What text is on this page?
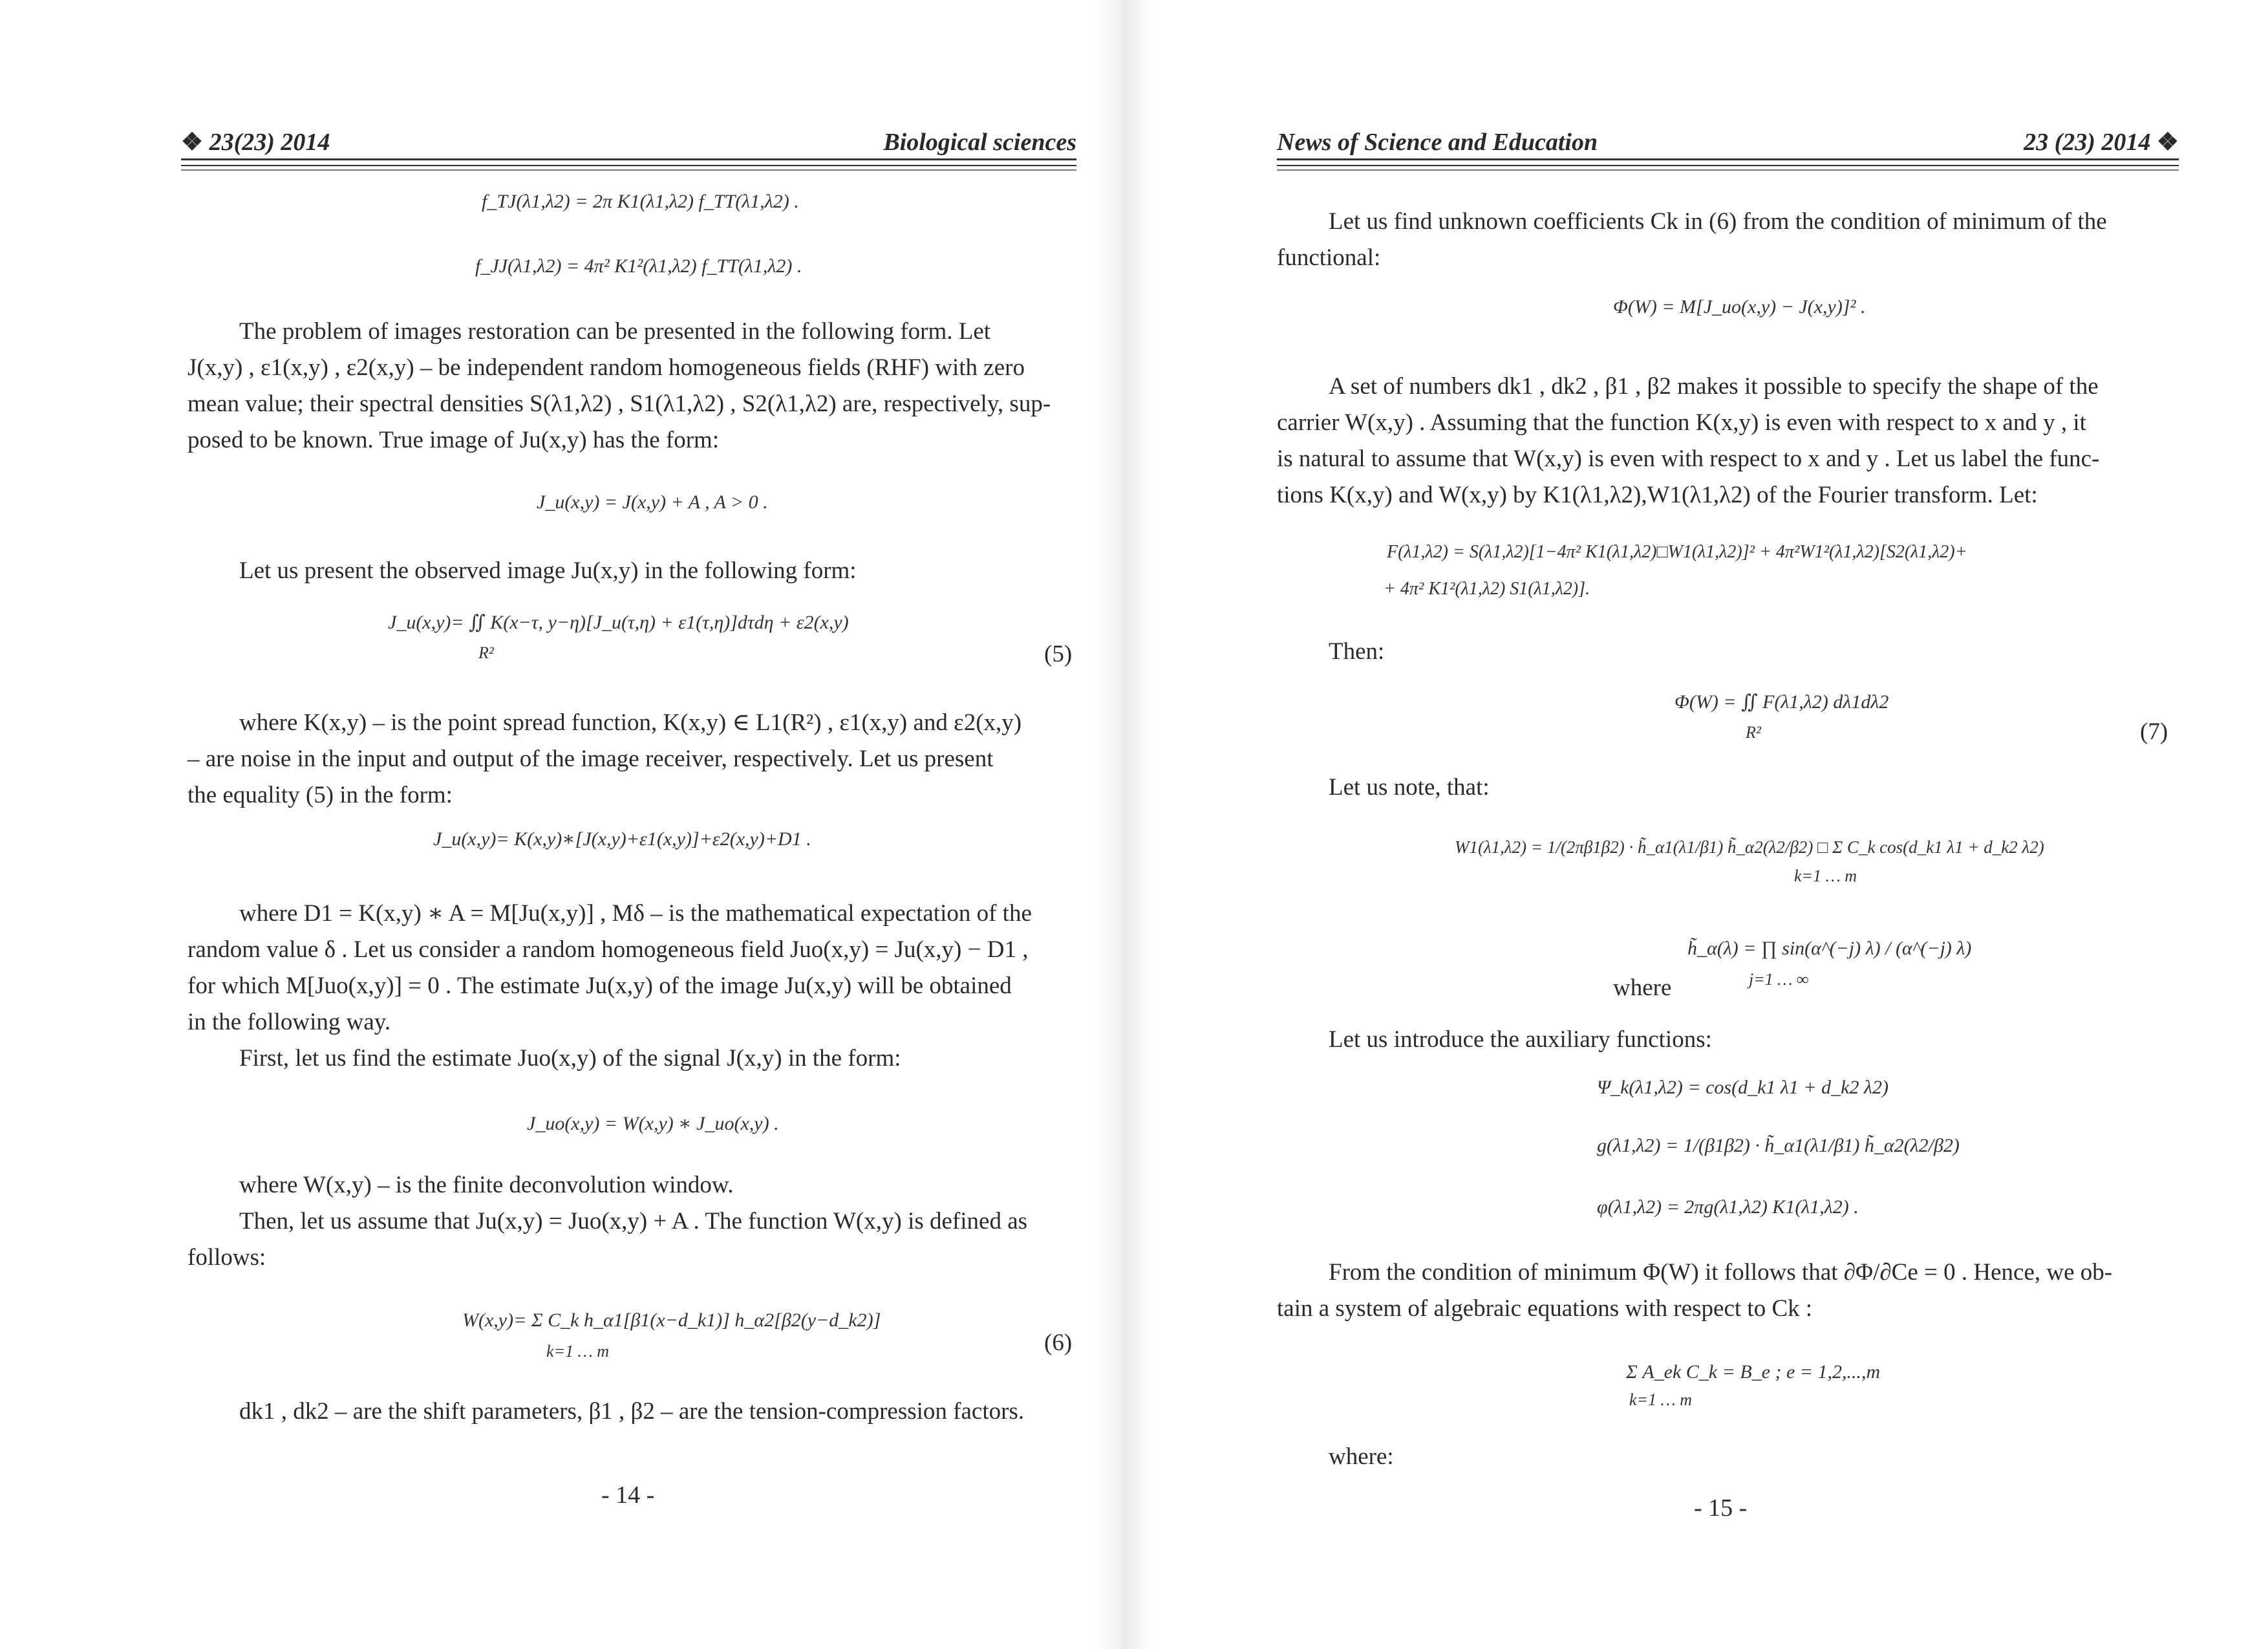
❖ 23(23) 2014	Biological sciences
f_TJ(λ1,λ2) = 2π K1(λ1,λ2) f_TT(λ1,λ2) .
f_JJ(λ1,λ2) = 4π² K1²(λ1,λ2) f_TT(λ1,λ2) .

The problem of images restoration can be presented in the following form. Let

J(x,y) , ε1(x,y) , ε2(x,y) – be independent random homogeneous fields (RHF) with zero

mean value; their spectral densities S(λ1,λ2) , S1(λ1,λ2) , S2(λ1,λ2) are, respectively, sup-

posed to be known. True image of Ju(x,y) has the form:

J_u(x,y) = J(x,y) + A , A > 0 .

Let us present the observed image Ju(x,y) in the following form:

J_u(x,y)= ∬ K(x−τ, y−η)[J_u(τ,η) + ε1(τ,η)]dτdη + ε2(x,y)
R²	(5)

where K(x,y) – is the point spread function, K(x,y) ∈ L1(R²) , ε1(x,y) and ε2(x,y)

– are noise in the input and output of the image receiver, respectively. Let us present

the equality (5) in the form:

J_u(x,y)= K(x,y)∗[J(x,y)+ε1(x,y)]+ε2(x,y)+D1 .

where D1 = K(x,y) ∗ A = M[Ju(x,y)] , Mδ – is the mathematical expectation of the

random value δ . Let us consider a random homogeneous field Juo(x,y) = Ju(x,y) − D1 ,

for which M[Juo(x,y)] = 0 . The estimate Ju(x,y) of the image Ju(x,y) will be obtained

in the following way.

First, let us find the estimate Juo(x,y) of the signal J(x,y) in the form:

J_uo(x,y) = W(x,y) ∗ J_uo(x,y) .

where W(x,y) – is the finite deconvolution window.

Then, let us assume that Ju(x,y) = Juo(x,y) + A . The function W(x,y) is defined as

follows:

W(x,y)= Σ C_k h_α1[β1(x−d_k1)] h_α2[β2(y−d_k2)]
k=1 … m	(6)

dk1 , dk2 – are the shift parameters, β1 , β2 – are the tension-compression factors.

- 14 -
News of Science and Education	23 (23) 2014 ❖

Let us find unknown coefficients Ck in (6) from the condition of minimum of the

functional:

Φ(W) = M[J_uo(x,y) − J(x,y)]² .

A set of numbers dk1 , dk2 , β1 , β2 makes it possible to specify the shape of the

carrier W(x,y) . Assuming that the function K(x,y) is even with respect to x and y , it

is natural to assume that W(x,y) is even with respect to x and y . Let us label the func-

tions K(x,y) and W(x,y) by K1(λ1,λ2),W1(λ1,λ2) of the Fourier transform. Let:

F(λ1,λ2) = S(λ1,λ2)[1−4π² K1(λ1,λ2)□W1(λ1,λ2)]² + 4π²W1²(λ1,λ2)[S2(λ1,λ2)+
+ 4π² K1²(λ1,λ2) S1(λ1,λ2)].

Then:

Φ(W) = ∬ F(λ1,λ2) dλ1dλ2
R²	(7)

Let us note, that:

W1(λ1,λ2) = 1/(2πβ1β2) · h̃_α1(λ1/β1) h̃_α2(λ2/β2) □ Σ C_k cos(d_k1 λ1 + d_k2 λ2)
k=1 … m

where

h̃_α(λ) = ∏ sin(α^(−j) λ) / (α^(−j) λ)
j=1 … ∞

Let us introduce the auxiliary functions:

Ψ_k(λ1,λ2) = cos(d_k1 λ1 + d_k2 λ2)
g(λ1,λ2) = 1/(β1β2) · h̃_α1(λ1/β1) h̃_α2(λ2/β2)
φ(λ1,λ2) = 2πg(λ1,λ2) K1(λ1,λ2) .

From the condition of minimum Φ(W) it follows that ∂Φ/∂Ce = 0 . Hence, we ob-

tain a system of algebraic equations with respect to Ck :

Σ A_ek C_k = B_e ; e = 1,2,...,m
k=1 … m

where:

- 15 -
